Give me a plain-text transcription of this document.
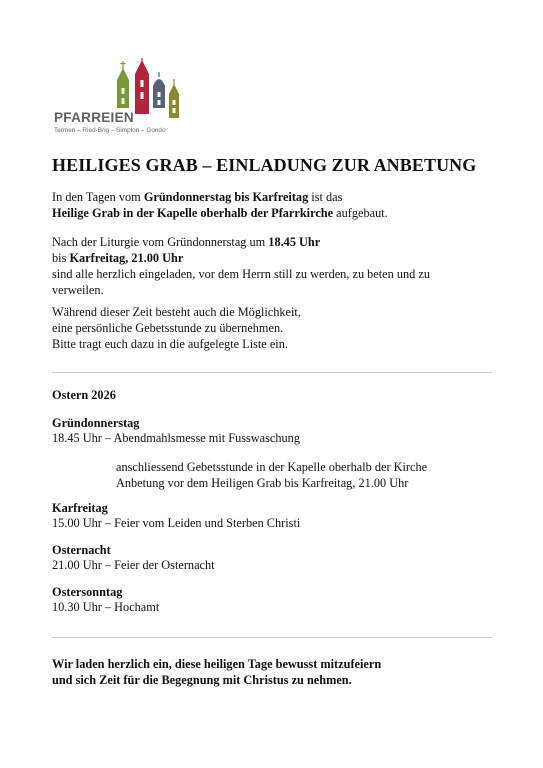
PFARREIEN
Termen – Ried-Brig – Simplon – Gondo
HEILIGES GRAB – EINLADUNG ZUR ANBETUNG
In den Tagen vom Gründonnerstag bis Karfreitag ist das
Heilige Grab in der Kapelle oberhalb der Pfarrkirche aufgebaut.
Nach der Liturgie vom Gründonnerstag um 18.45 Uhr
bis Karfreitag, 21.00 Uhr
sind alle herzlich eingeladen, vor dem Herrn still zu werden, zu beten und zu
verweilen.
Während dieser Zeit besteht auch die Möglichkeit,
eine persönliche Gebetsstunde zu übernehmen.
Bitte tragt euch dazu in die aufgelegte Liste ein.
Ostern 2026
Gründonnerstag
18.45 Uhr – Abendmahlsmesse mit Fusswaschung
anschliessend Gebetsstunde in der Kapelle oberhalb der Kirche
Anbetung vor dem Heiligen Grab bis Karfreitag, 21.00 Uhr
Karfreitag
15.00 Uhr – Feier vom Leiden und Sterben Christi
Osternacht
21.00 Uhr – Feier der Osternacht
Ostersonntag
10.30 Uhr – Hochamt
Wir laden herzlich ein, diese heiligen Tage bewusst mitzufeiern
und sich Zeit für die Begegnung mit Christus zu nehmen.
